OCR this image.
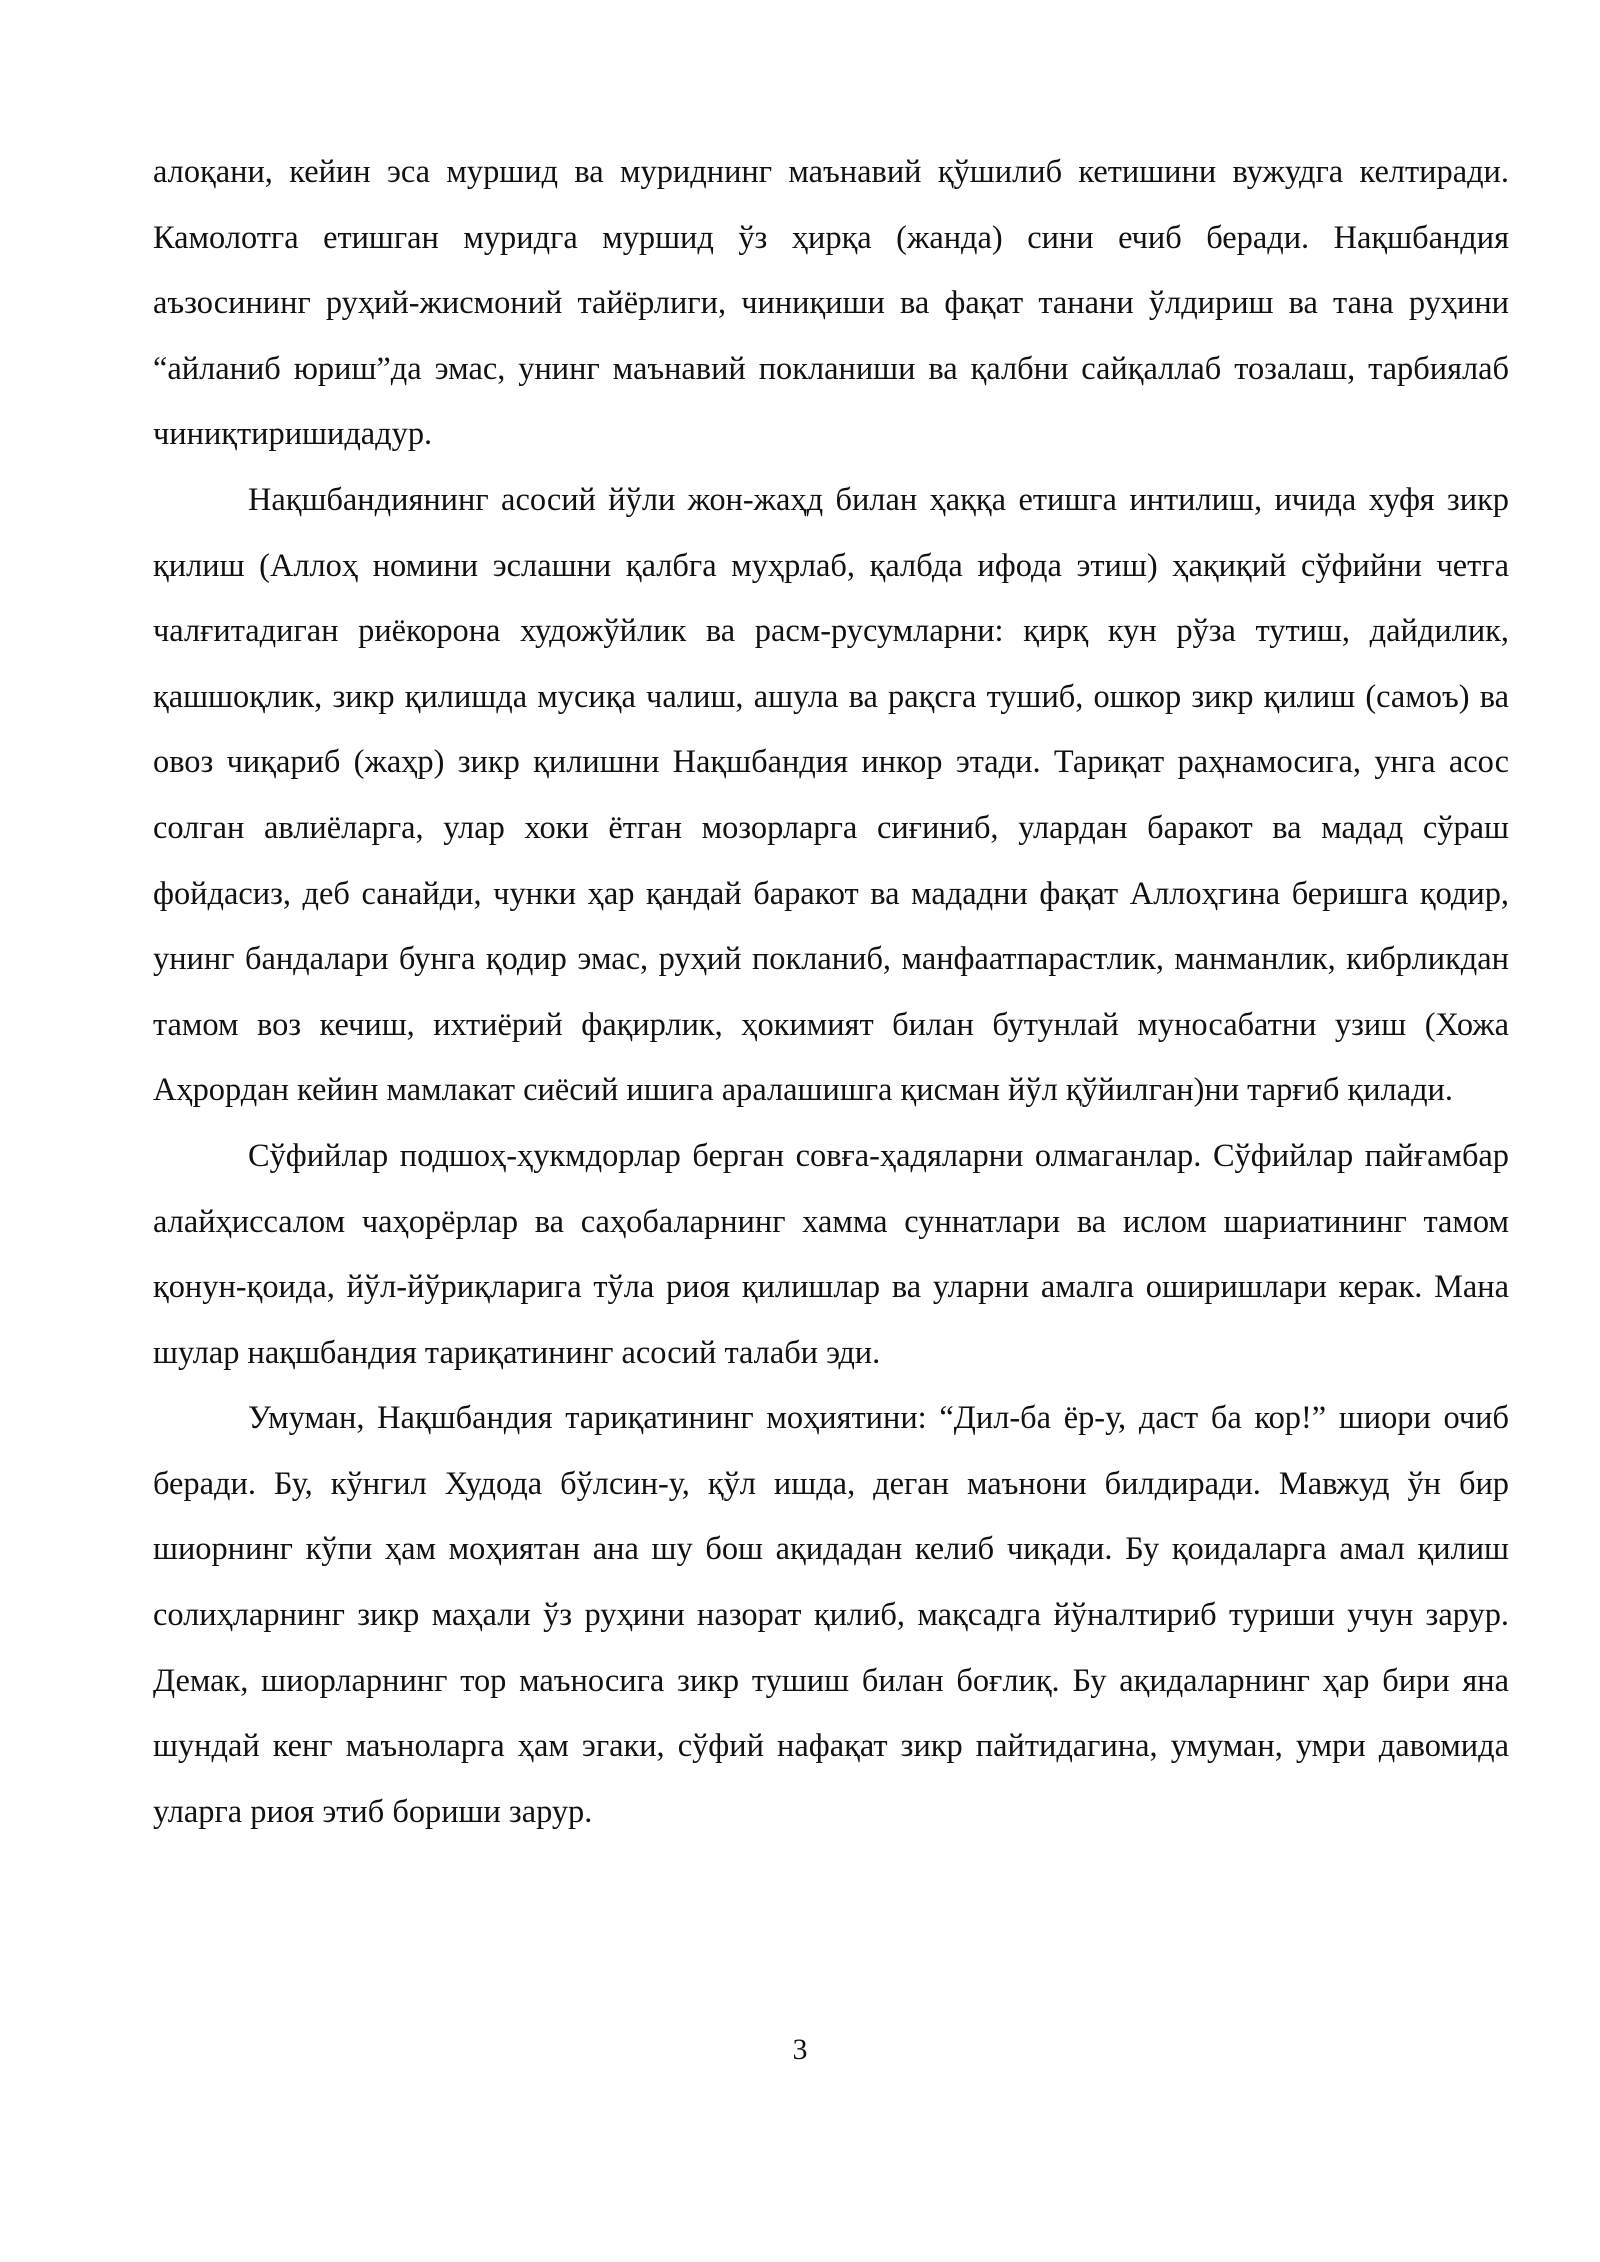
алоқани, кейин эса муршид ва муриднинг маънавий қўшилиб кетишини вужудга келтиради. Камолотга етишган муридга муршид ўз ҳирқа (жанда) сини ечиб беради. Нақшбандия аъзосининг руҳий-жисмоний тайёрлиги, чиниқиши ва фақат танани ўлдириш ва тана руҳини “айланиб юриш”да эмас, унинг маънавий покланиши ва қалбни сайқаллаб тозалаш, тарбиялаб чиниқтиришидадур.

Нақшбандиянинг асосий йўли жон-жаҳд билан ҳаққа етишга интилиш, ичида хуфя зикр қилиш (Аллоҳ номини эслашни қалбга муҳрлаб, қалбда ифода этиш) ҳақиқий сўфийни четга чалғитадиган риёкорона художўйлик ва расм-русумларни: қирқ кун рўза тутиш, дайдилик, қашшоқлик, зикр қилишда мусиқа чалиш, ашула ва рақсга тушиб, ошкор зикр қилиш (самоъ) ва овоз чиқариб (жаҳр) зикр қилишни Нақшбандия инкор этади. Тариқат раҳнамосига, унга асос солган авлиёларга, улар хоки ётган мозорларга сиғиниб, улардан баракот ва мадад сўраш фойдасиз, деб санайди, чунки ҳар қандай баракот ва мададни фақат Аллоҳгина беришга қодир, унинг бандалари бунга қодир эмас, руҳий покланиб, манфаатпарастлик, манманлик, кибрликдан тамом воз кечиш, ихтиёрий фақирлик, ҳокимият билан бутунлай муносабатни узиш (Хожа Аҳрордан кейин мамлакат сиёсий ишига аралашишга қисман йўл қўйилган)ни тарғиб қилади.

Сўфийлар подшоҳ-ҳукмдорлар берган совға-ҳадяларни олмаганлар. Сўфийлар пайғамбар алайҳиссалом чаҳорёрлар ва саҳобаларнинг хамма суннатлари ва ислом шариатининг тамом қонун-қоида, йўл-йўриқларига тўла риоя қилишлар ва уларни амалга оширишлари керак. Мана шулар нақшбандия тариқатининг асосий талаби эди.

Умуман, Нақшбандия тариқатининг моҳиятини: “Дил-ба ёр-у, даст ба кор!” шиори очиб беради. Бу, кўнгил Худода бўлсин-у, қўл ишда, деган маънони билдиради. Мавжуд ўн бир шиорнинг кўпи ҳам моҳиятан ана шу бош ақидадан келиб чиқади. Бу қоидаларга амал қилиш солиҳларнинг зикр маҳали ўз руҳини назорат қилиб, мақсадга йўналтириб туриши учун зарур. Демак, шиорларнинг тор маъносига зикр тушиш билан боғлиқ. Бу ақидаларнинг ҳар бири яна шундай кенг маъноларга ҳам эгаки, сўфий нафақат зикр пайтидагина, умуман, умри давомида уларга риоя этиб бориши зарур.

3
